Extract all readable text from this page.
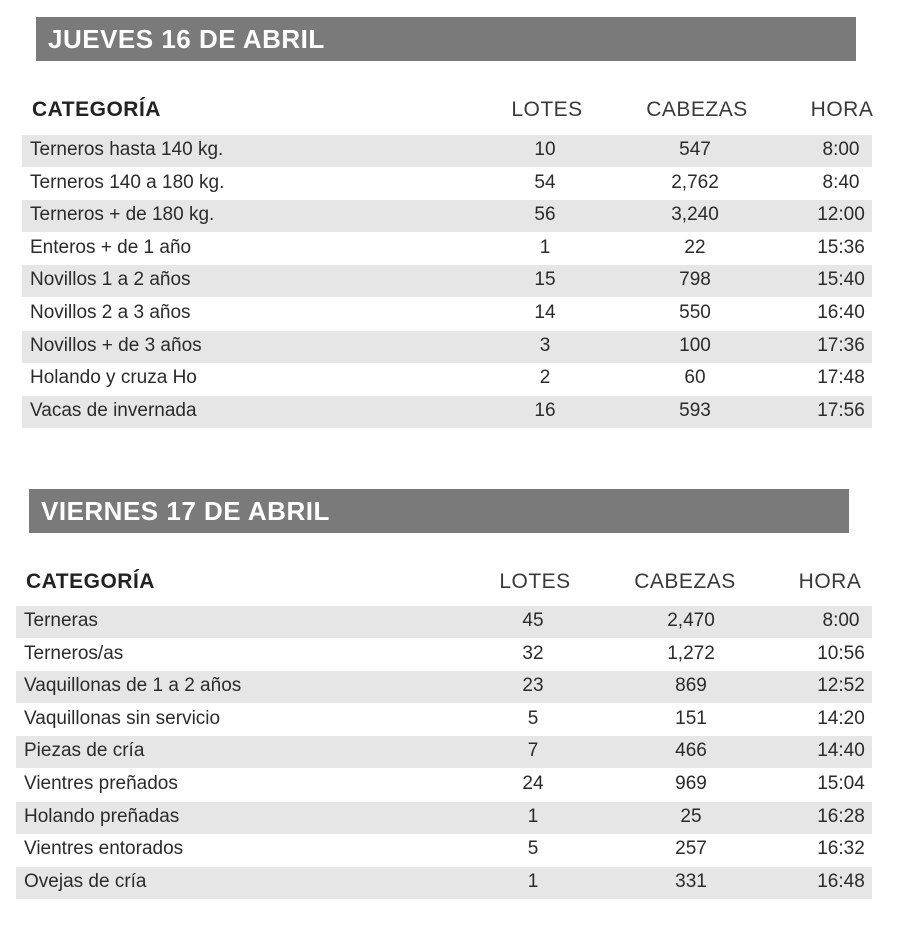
JUEVES 16 DE ABRIL
CATEGORÍA	LOTES	CABEZAS	HORA
Terneros hasta 140 kg.	10	547	8:00
Terneros 140 a 180 kg.	54	2,762	8:40
Terneros + de 180 kg.	56	3,240	12:00
Enteros + de 1 año	1	22	15:36
Novillos 1 a 2 años	15	798	15:40
Novillos 2 a 3 años	14	550	16:40
Novillos + de 3 años	3	100	17:36
Holando y cruza Ho	2	60	17:48
Vacas de invernada	16	593	17:56
VIERNES 17 DE ABRIL
CATEGORÍA	LOTES	CABEZAS	HORA
Terneras	45	2,470	8:00
Terneros/as	32	1,272	10:56
Vaquillonas de 1 a 2 años	23	869	12:52
Vaquillonas sin servicio	5	151	14:20
Piezas de cría	7	466	14:40
Vientres preñados	24	969	15:04
Holando preñadas	1	25	16:28
Vientres entorados	5	257	16:32
Ovejas de cría	1	331	16:48
